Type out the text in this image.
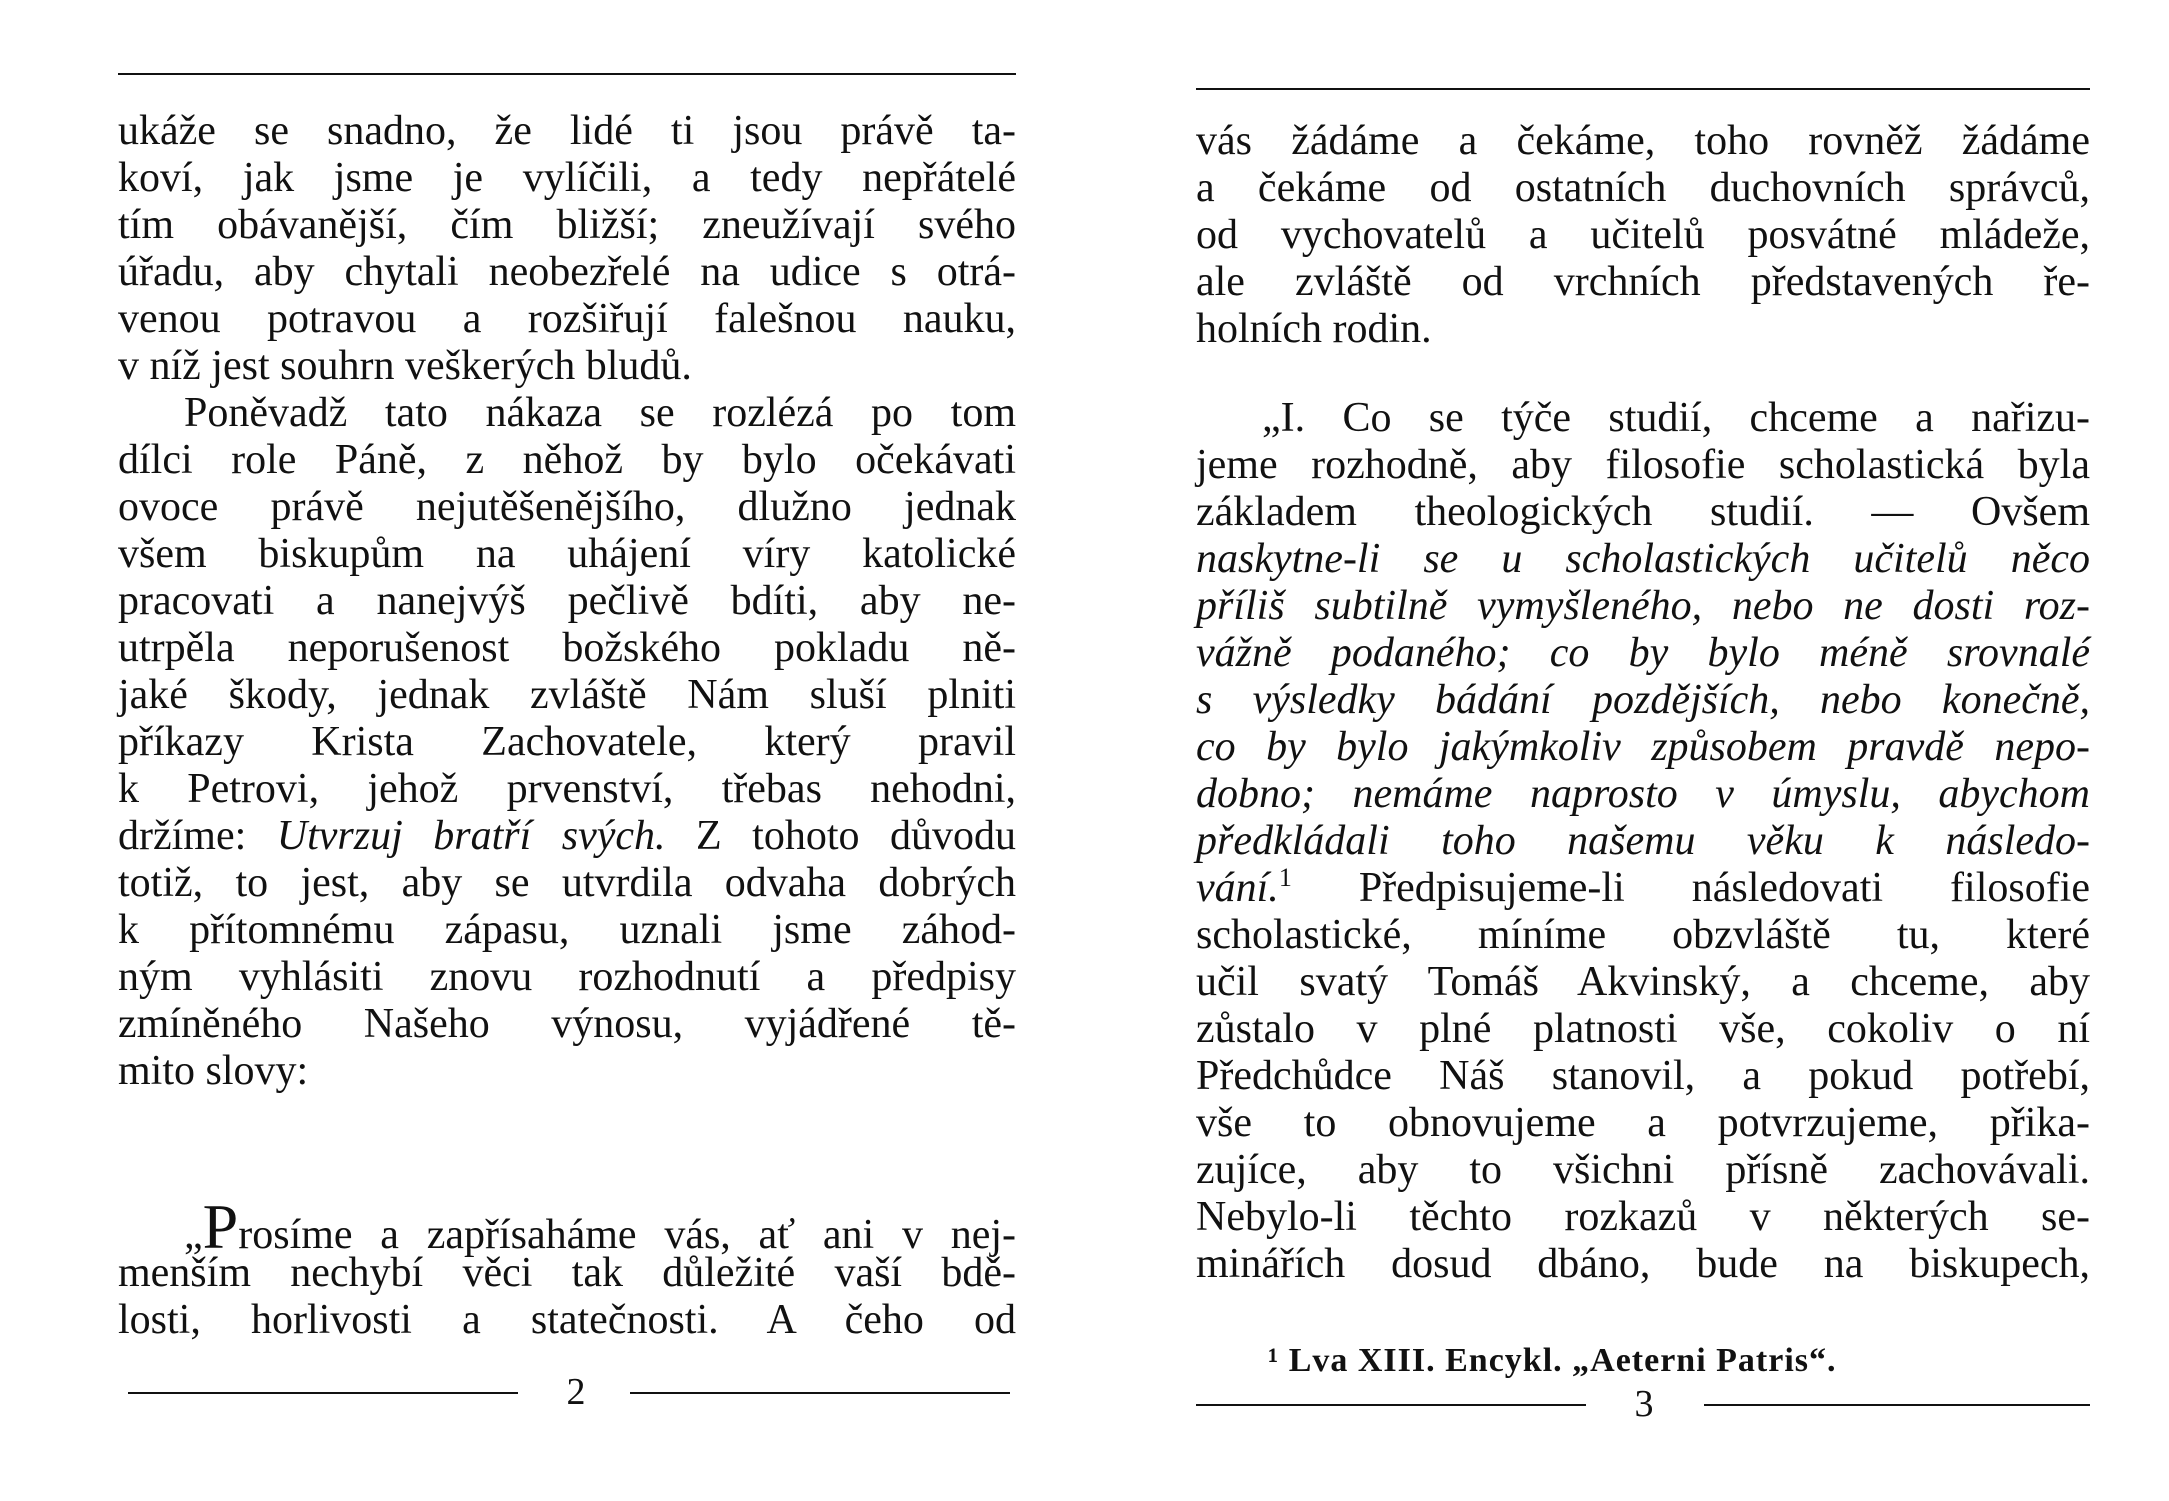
ukáže se snadno, že lidé ti jsou právě ta-
koví, jak jsme je vylíčili, a tedy nepřátelé
tím obávanější, čím bližší; zneužívají svého
úřadu, aby chytali neobezřelé na udice s otrá-
venou potravou a rozšiřují falešnou nauku,
v níž jest souhrn veškerých bludů.
Poněvadž tato nákaza se rozlézá po tom
dílci role Páně, z něhož by bylo očekávati
ovoce právě nejutěšenějšího, dlužno jednak
všem biskupům na uhájení víry katolické
pracovati a nanejvýš pečlivě bdíti, aby ne-
utrpěla neporušenost božského pokladu ně-
jaké škody, jednak zvláště Nám sluší plniti
příkazy Krista Zachovatele, který pravil
k Petrovi, jehož prvenství, třebas nehodni,
držíme: Utvrzuj bratří svých. Z tohoto důvodu
totiž, to jest, aby se utvrdila odvaha dobrých
k přítomnému zápasu, uznali jsme záhod-
ným vyhlásiti znovu rozhodnutí a předpisy
zmíněného Našeho výnosu, vyjádřené tě-
mito slovy:
„Prosíme a zapřísaháme vás, ať ani v nej-
menším nechybí věci tak důležité vaší bdě-
losti, horlivosti a statečnosti. A čeho od
2
vás žádáme a čekáme, toho rovněž žádáme
a čekáme od ostatních duchovních správců,
od vychovatelů a učitelů posvátné mládeže,
ale zvláště od vrchních představených ře-
holních rodin.
„I. Co se týče studií, chceme a nařizu-
jeme rozhodně, aby filosofie scholastická byla
základem theologických studií. — Ovšem
naskytne-li se u scholastických učitelů něco
příliš subtilně vymyšleného, nebo ne dosti roz-
vážně podaného; co by bylo méně srovnalé
s výsledky bádání pozdějších, nebo konečně,
co by bylo jakýmkoliv způsobem pravdě nepo-
dobno; nemáme naprosto v úmyslu, abychom
předkládali toho našemu věku k následo-
vání.$^1$ Předpisujeme-li následovati filosofie
scholastické, míníme obzvláště tu, které
učil svatý Tomáš Akvinský, a chceme, aby
zůstalo v plné platnosti vše, cokoliv o ní
Předchůdce Náš stanovil, a pokud potřebí,
vše to obnovujeme a potvrzujeme, přika-
zujíce, aby to všichni přísně zachovávali.
Nebylo-li těchto rozkazů v některých se-
minářích dosud dbáno, bude na biskupech,
¹ Lva XIII. Encykl. „Aeterni Patris“.
3
